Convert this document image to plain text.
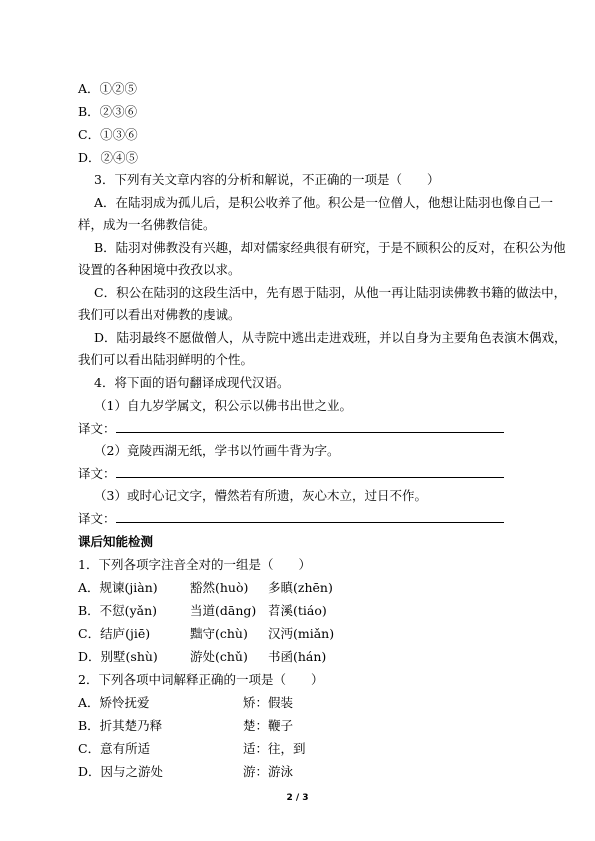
A．①②⑤
B．②③⑥
C．①③⑥
D．②④⑤
3．下列有关文章内容的分析和解说，不正确的一项是（　　）
A．在陆羽成为孤儿后，是积公收养了他。积公是一位僧人，他想让陆羽也像自己一
样，成为一名佛教信徒。
B．陆羽对佛教没有兴趣，却对儒家经典很有研究，于是不顾积公的反对，在积公为他
设置的各种困境中孜孜以求。
C．积公在陆羽的这段生活中，先有恩于陆羽，从他一再让陆羽读佛教书籍的做法中，
我们可以看出对佛教的虔诚。
D．陆羽最终不愿做僧人，从寺院中逃出走进戏班，并以自身为主要角色表演木偶戏，
我们可以看出陆羽鲜明的个性。
4．将下面的语句翻译成现代汉语。
（1）自九岁学属文，积公示以佛书出世之业。
译文：
（2）竟陵西湖无纸，学书以竹画牛背为字。
译文：
（3）或时心记文字，懵然若有所遗，灰心木立，过日不作。
译文：
课后知能检测
1．下列各项字注音全对的一组是（　　）
A．规谏(jiàn)	豁然(huò) 多瞋(zhēn)
B．不愆(yǎn)	当道(dāng) 苕溪(tiáo)
C．结庐(jiē)	黜守(chù) 汉沔(miǎn)
D．别墅(shù)	游处(chǔ) 书函(hán)
2．下列各项中词解释正确的一项是（　　）
A．矫怜抚爱	矫：假装
B．折其楚乃释	楚：鞭子
C．意有所适	适：往，到
D．因与之游处	游：游泳
2 / 3
